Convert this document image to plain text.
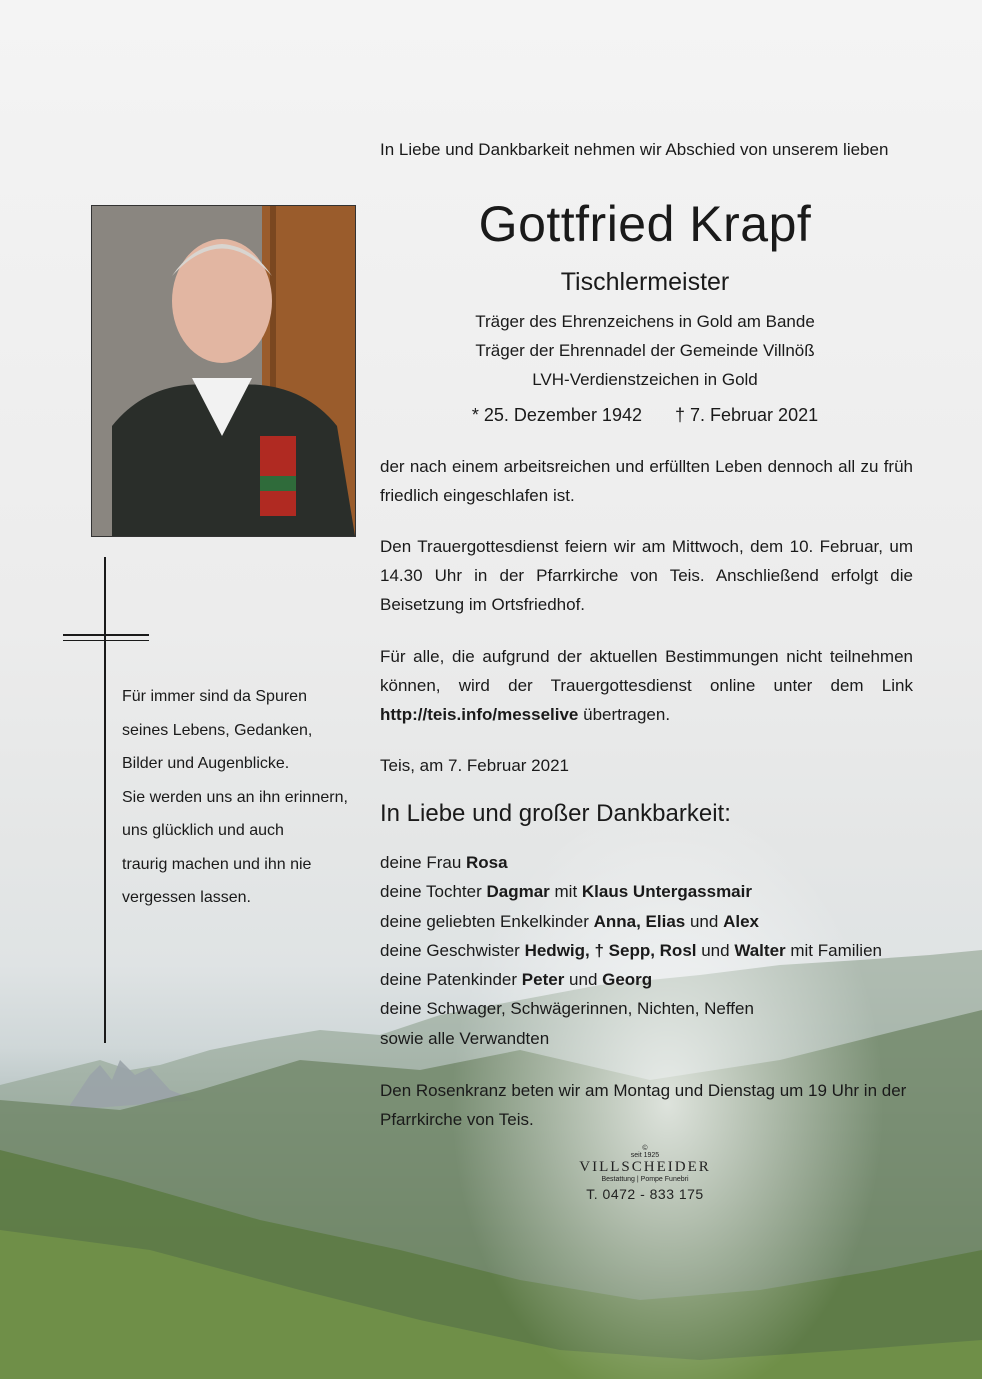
In Liebe und Dankbarkeit nehmen wir Abschied von unserem lieben

Gottfried Krapf

Tischlermeister

Träger des Ehrenzeichens in Gold am Bande
Träger der Ehrennadel der Gemeinde Villnöß
LVH-Verdienstzeichen in Gold
* 25. Dezember 1942 † 7. Februar 2021

der nach einem arbeitsreichen und erfüllten Leben dennoch all zu früh friedlich eingeschlafen ist.

Den Trauergottesdienst feiern wir am Mittwoch, dem 10. Februar, um 14.30 Uhr in der Pfarrkirche von Teis. Anschließend erfolgt die Beisetzung im Ortsfriedhof.

Für alle, die aufgrund der aktuellen Bestimmungen nicht teilnehmen können, wird der Trauergottesdienst online unter dem Link http://teis.info/messelive übertragen.

Teis, am 7. Februar 2021

In Liebe und großer Dankbarkeit:

deine Frau Rosa
deine Tochter Dagmar mit Klaus Untergassmair
deine geliebten Enkelkinder Anna, Elias und Alex
deine Geschwister Hedwig, † Sepp, Rosl und Walter mit Familien
deine Patenkinder Peter und Georg
deine Schwager, Schwägerinnen, Nichten, Neffen
sowie alle Verwandten

Den Rosenkranz beten wir am Montag und Dienstag um 19 Uhr in der Pfarrkirche von Teis.

Für immer sind da Spuren
seines Lebens, Gedanken,
Bilder und Augenblicke.
Sie werden uns an ihn erinnern,
uns glücklich und auch
traurig machen und ihn nie
vergessen lassen.
©
seit 1925
VILLSCHEIDER
Bestattung | Pompe Funebri
T. 0472 - 833 175
